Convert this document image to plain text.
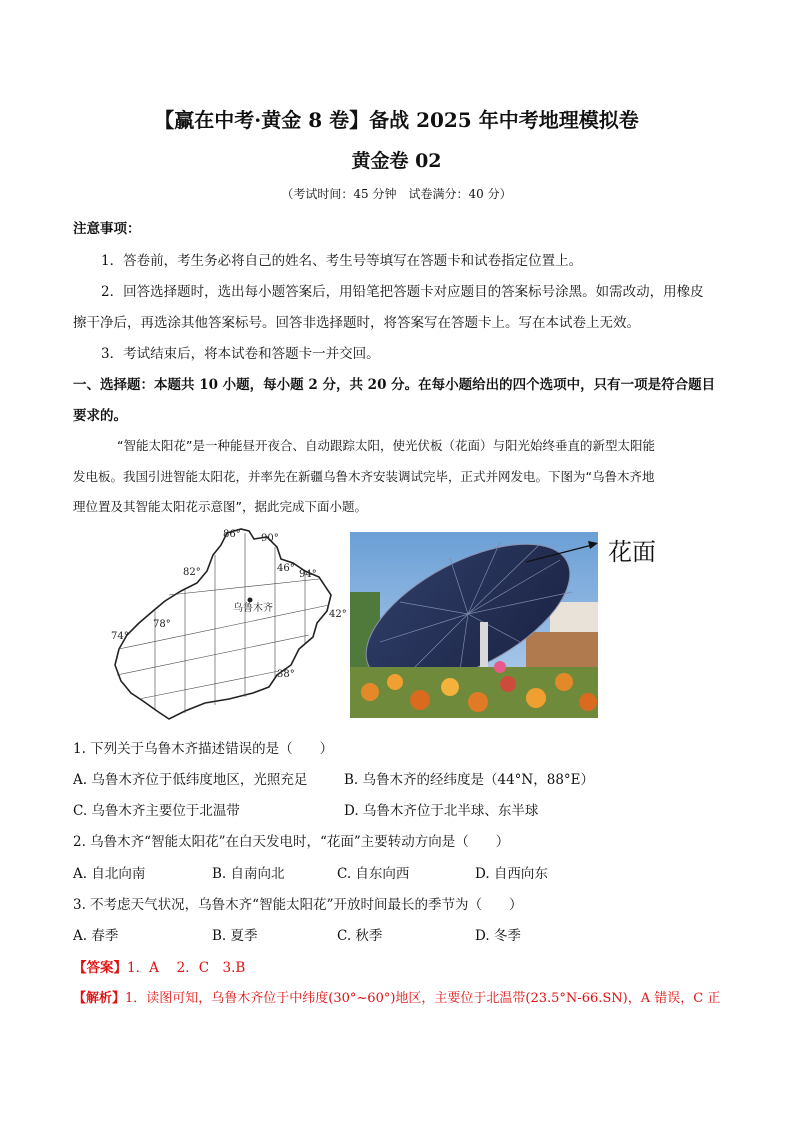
【赢在中考·黄金 8 卷】备战 2025 年中考地理模拟卷
黄金卷 02
（考试时间：45 分钟　试卷满分：40 分）
注意事项：
1．答卷前，考生务必将自己的姓名、考生号等填写在答题卡和试卷指定位置上。
2．回答选择题时，选出每小题答案后，用铅笔把答题卡对应题目的答案标号涂黑。如需改动，用橡皮
擦干净后，再选涂其他答案标号。回答非选择题时，将答案写在答题卡上。写在本试卷上无效。
3．考试结束后，将本试卷和答题卡一并交回。
一、选择题：本题共 10 小题，每小题 2 分，共 20 分。在每小题给出的四个选项中，只有一项是符合题目
要求的。
“智能太阳花”是一种能昼开夜合、自动跟踪太阳，使光伏板（花面）与阳光始终垂直的新型太阳能
发电板。我国引进智能太阳花，并率先在新疆乌鲁木齐安装调试完毕，正式并网发电。下图为“乌鲁木齐地
理位置及其智能太阳花示意图”，据此完成下面小题。
86° 90°
46°
94°
82°
乌鲁木齐
42°
78°
74°
38°
花面
1. 下列关于乌鲁木齐描述错误的是（　　）
A. 乌鲁木齐位于低纬度地区，光照充足	B. 乌鲁木齐的经纬度是（44°N，88°E）
C. 乌鲁木齐主要位于北温带	D. 乌鲁木齐位于北半球、东半球
2. 乌鲁木齐“智能太阳花”在白天发电时，“花面”主要转动方向是（　　）
A. 自北向南	B. 自南向北	C. 自东向西	D. 自西向东
3. 不考虑天气状况，乌鲁木齐“智能太阳花”开放时间最长的季节为（　　）
A. 春季	B. 夏季	C. 秋季	D. 冬季
【答案】1．A　 2．C　3.B
【解析】1．读图可知，乌鲁木齐位于中纬度(30°~60°)地区，主要位于北温带(23.5°N-66.SN)，A 错误，C 正
